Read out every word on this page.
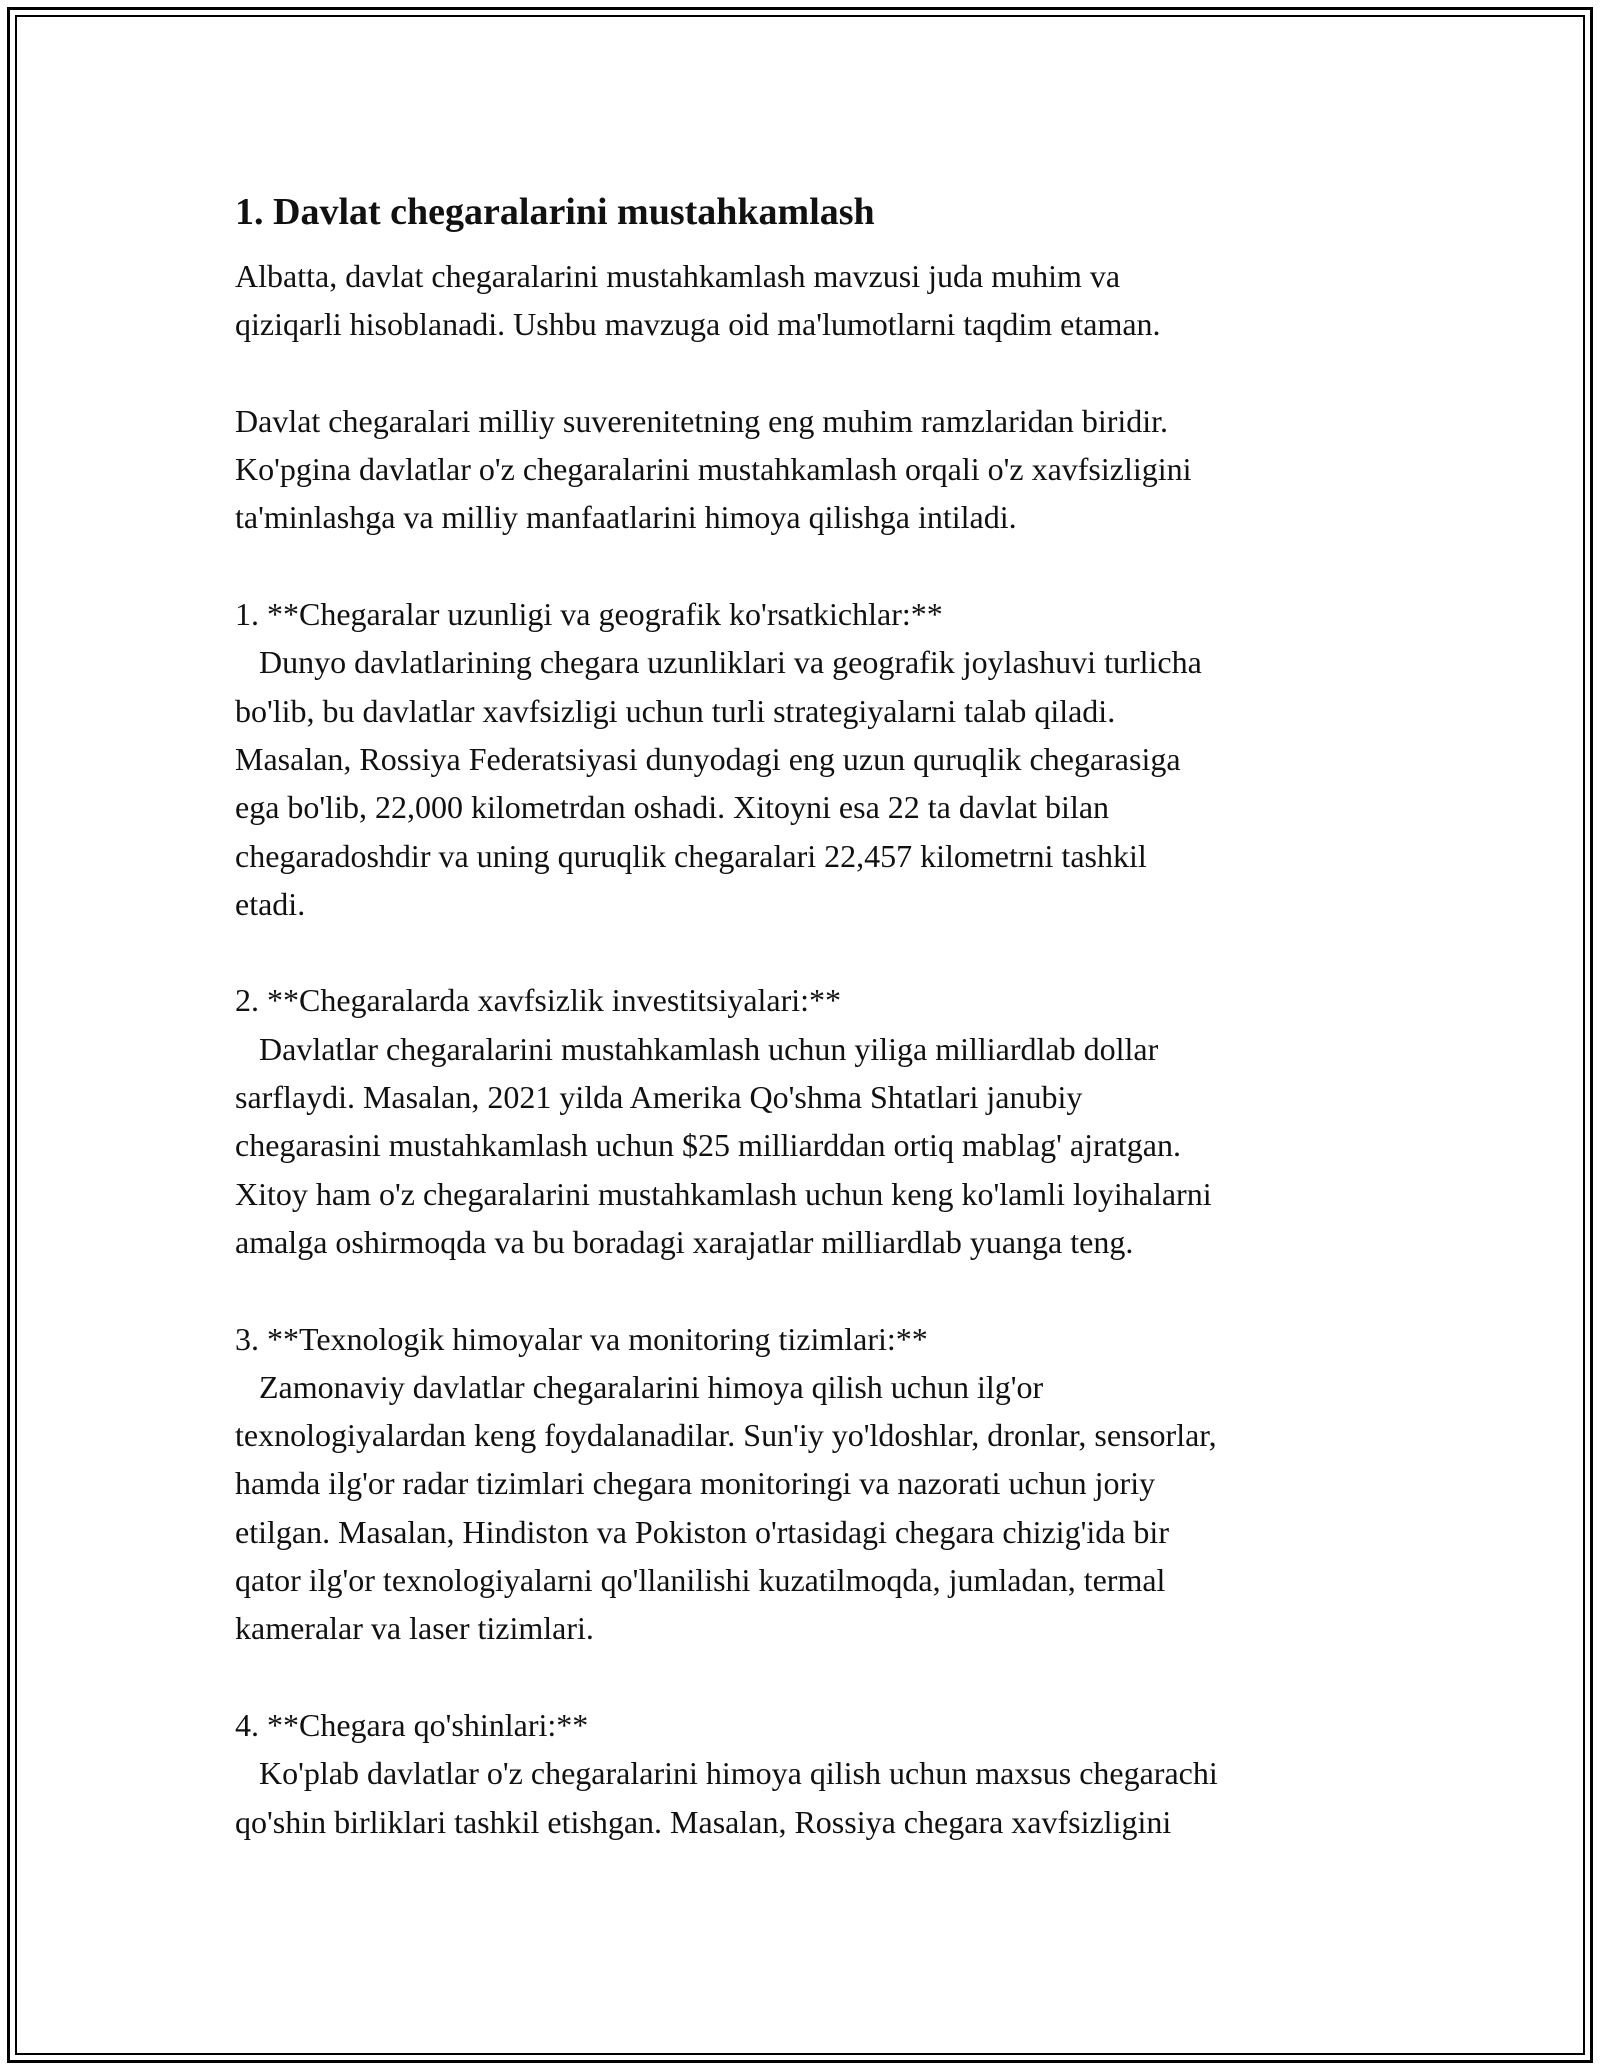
1. Davlat chegaralarini mustahkamlash
Albatta, davlat chegaralarini mustahkamlash mavzusi juda muhim va
qiziqarli hisoblanadi. Ushbu mavzuga oid ma'lumotlarni taqdim etaman.
Davlat chegaralari milliy suverenitetning eng muhim ramzlaridan biridir.
Ko'pgina davlatlar o'z chegaralarini mustahkamlash orqali o'z xavfsizligini
ta'minlashga va milliy manfaatlarini himoya qilishga intiladi.
1. **Chegaralar uzunligi va geografik ko'rsatkichlar:**
Dunyo davlatlarining chegara uzunliklari va geografik joylashuvi turlicha
bo'lib, bu davlatlar xavfsizligi uchun turli strategiyalarni talab qiladi.
Masalan, Rossiya Federatsiyasi dunyodagi eng uzun quruqlik chegarasiga
ega bo'lib, 22,000 kilometrdan oshadi. Xitoyni esa 22 ta davlat bilan
chegaradoshdir va uning quruqlik chegaralari 22,457 kilometrni tashkil
etadi.
2. **Chegaralarda xavfsizlik investitsiyalari:**
Davlatlar chegaralarini mustahkamlash uchun yiliga milliardlab dollar
sarflaydi. Masalan, 2021 yilda Amerika Qo'shma Shtatlari janubiy
chegarasini mustahkamlash uchun $25 milliarddan ortiq mablag' ajratgan.
Xitoy ham o'z chegaralarini mustahkamlash uchun keng ko'lamli loyihalarni
amalga oshirmoqda va bu boradagi xarajatlar milliardlab yuanga teng.
3. **Texnologik himoyalar va monitoring tizimlari:**
Zamonaviy davlatlar chegaralarini himoya qilish uchun ilg'or
texnologiyalardan keng foydalanadilar. Sun'iy yo'ldoshlar, dronlar, sensorlar,
hamda ilg'or radar tizimlari chegara monitoringi va nazorati uchun joriy
etilgan. Masalan, Hindiston va Pokiston o'rtasidagi chegara chizig'ida bir
qator ilg'or texnologiyalarni qo'llanilishi kuzatilmoqda, jumladan, termal
kameralar va laser tizimlari.
4. **Chegara qo'shinlari:**
Ko'plab davlatlar o'z chegaralarini himoya qilish uchun maxsus chegarachi
qo'shin birliklari tashkil etishgan. Masalan, Rossiya chegara xavfsizligini
